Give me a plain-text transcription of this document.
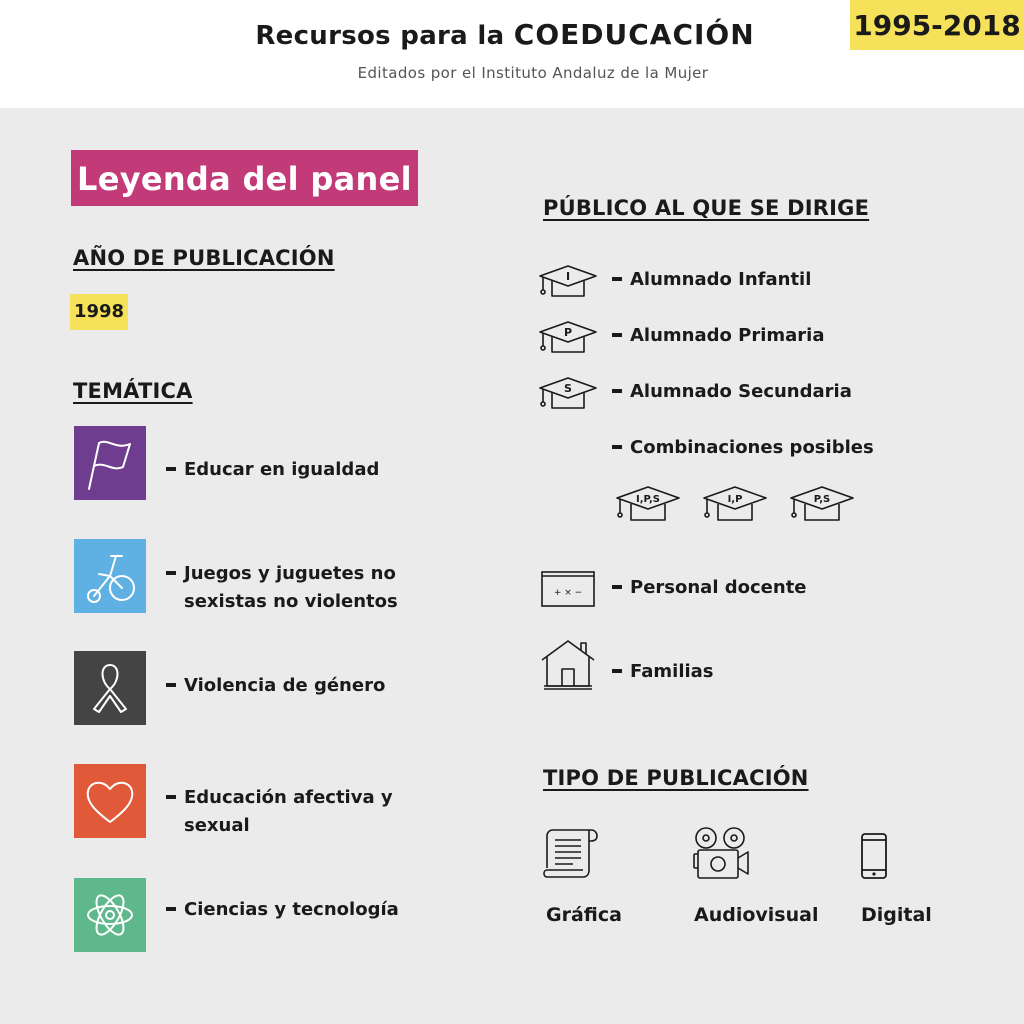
Recursos para la COEDUCACIÓN
Editados por el Instituto Andaluz de la Mujer
1995-2018
Leyenda del panel
AÑO DE PUBLICACIÓN
1998
TEMÁTICA
Educar en igualdad
Juegos y juguetes no
sexistas no violentos
Violencia de género
Educación afectiva y
sexual
Ciencias y tecnología
PÚBLICO AL QUE SE DIRIGE
I	Alumnado Infantil
P	Alumnado Primaria
S	Alumnado Secundaria
Combinaciones posibles
I,P,S	I,P	P,S
+ × −	Personal docente
Familias
TIPO DE PUBLICACIÓN
Gráfica	Audiovisual Digital
